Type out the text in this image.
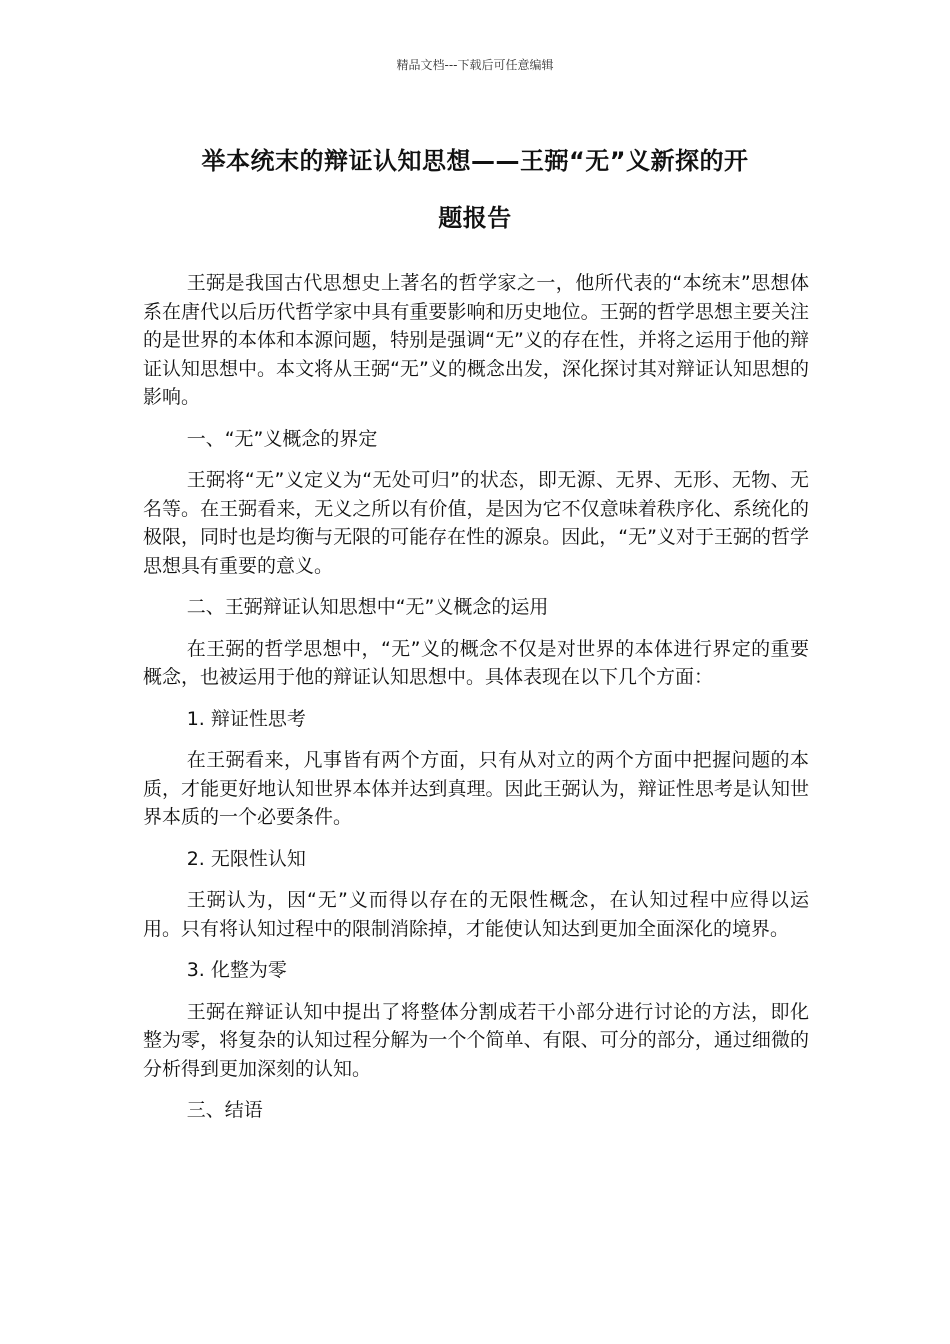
精品文档---下载后可任意编辑
举本统末的辩证认知思想——王弼“无”义新探的开
题报告

王弼是我国古代思想史上著名的哲学家之一，他所代表的“本统末”思想体系在唐代以后历代哲学家中具有重要影响和历史地位。王弼的哲学思想主要关注的是世界的本体和本源问题，特别是强调“无”义的存在性，并将之运用于他的辩证认知思想中。本文将从王弼“无”义的概念出发，深化探讨其对辩证认知思想的影响。

一、“无”义概念的界定

王弼将“无”义定义为“无处可归”的状态，即无源、无界、无形、无物、无名等。在王弼看来，无义之所以有价值，是因为它不仅意味着秩序化、系统化的极限，同时也是均衡与无限的可能存在性的源泉。因此，“无”义对于王弼的哲学思想具有重要的意义。

二、王弼辩证认知思想中“无”义概念的运用

在王弼的哲学思想中，“无”义的概念不仅是对世界的本体进行界定的重要概念，也被运用于他的辩证认知思想中。具体表现在以下几个方面：

1. 辩证性思考

在王弼看来，凡事皆有两个方面，只有从对立的两个方面中把握问题的本质，才能更好地认知世界本体并达到真理。因此王弼认为，辩证性思考是认知世界本质的一个必要条件。

2. 无限性认知

王弼认为，因“无”义而得以存在的无限性概念，在认知过程中应得以运用。只有将认知过程中的限制消除掉，才能使认知达到更加全面深化的境界。

3. 化整为零

王弼在辩证认知中提出了将整体分割成若干小部分进行讨论的方法，即化整为零，将复杂的认知过程分解为一个个简单、有限、可分的部分，通过细微的分析得到更加深刻的认知。

三、结语
